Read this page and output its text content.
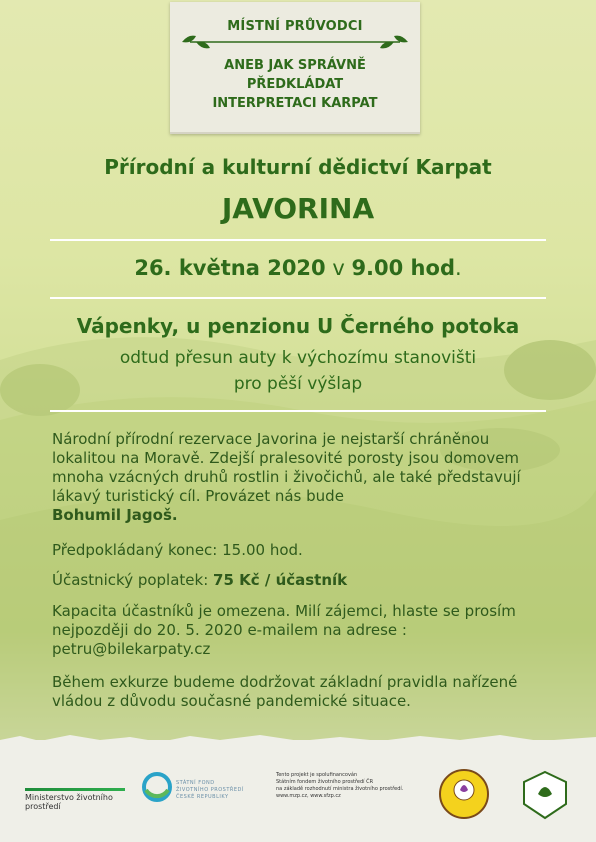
MÍSTNÍ PRŮVODCI
ANEB JAK SPRÁVNĚ
PŘEDKLÁDAT
INTERPRETACI KARPAT
Přírodní a kulturní dědictví Karpat
JAVORINA
26. května 2020 v 9.00 hod.
Vápenky, u penzionu U Černého potoka
odtud přesun auty k výchozímu stanovišti
pro pěší výšlap
Národní přírodní rezervace Javorina je nejstarší chráněnou lokalitou na Moravě. Zdejší pralesovité porosty jsou domovem mnoha vzácných druhů rostlin i živočichů, ale také představují lákavý turistický cíl. Provázet nás bude
Bohumil Jagoš.
Předpokládaný konec: 15.00 hod.
Účastnický poplatek: 75 Kč / účastník
Kapacita účastníků je omezena. Milí zájemci, hlaste se prosím nejpozději do 20. 5. 2020 e-mailem na adrese : petru@bilekarpaty.cz
Během exkurze budeme dodržovat základní pravidla nařízené vládou z důvodu současné pandemické situace.
Ministerstvo životního prostředí
STÁTNÍ FOND
ŽIVOTNÍHO PROSTŘEDÍ
ČESKÉ REPUBLIKY
Tento projekt je spolufinancován
Státním fondem životního prostředí ČR
na základě rozhodnutí ministra životního prostředí.
www.mzp.cz, www.sfzp.cz
